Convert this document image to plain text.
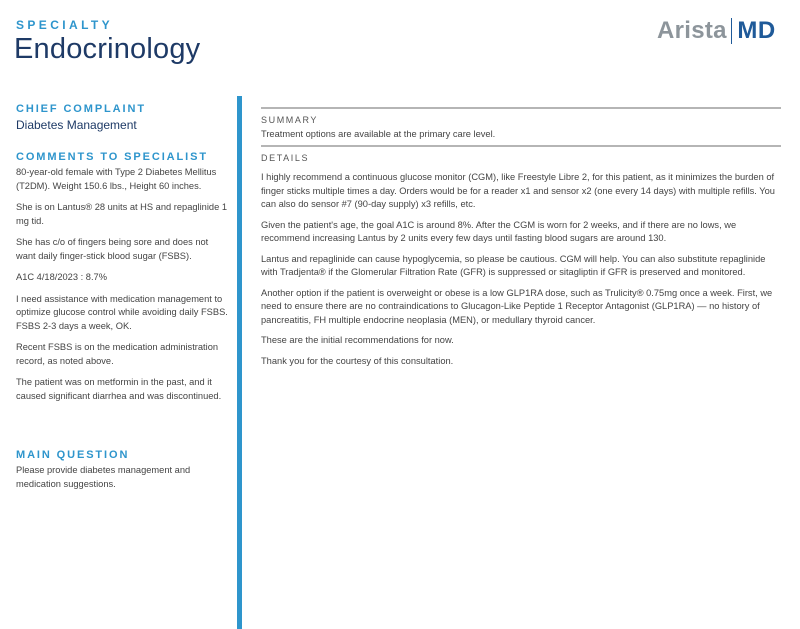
SPECIALTY
Endocrinology
Arista MD
CHIEF COMPLAINT
Diabetes Management
COMMENTS TO SPECIALIST

80-year-old female with Type 2 Diabetes Mellitus (T2DM). Weight 150.6 lbs., Height 60 inches.

She is on Lantus® 28 units at HS and repaglinide 1 mg tid.

She has c/o of fingers being sore and does not want daily finger-stick blood sugar (FSBS).

A1C 4/18/2023 : 8.7%

I need assistance with medication management to optimize glucose control while avoiding daily FSBS. FSBS 2-3 days a week, OK.

Recent FSBS is on the medication administration record, as noted above.

The patient was on metformin in the past, and it caused significant diarrhea and was discontinued.

MAIN QUESTION

Please provide diabetes management and medication suggestions.

SUMMARY

Treatment options are available at the primary care level.

DETAILS

I highly recommend a continuous glucose monitor (CGM), like Freestyle Libre 2, for this patient, as it minimizes the burden of finger sticks multiple times a day. Orders would be for a reader x1 and sensor x2 (one every 14 days) with multiple refills. You can also do sensor #7 (90-day supply) x3 refills, etc.

Given the patient's age, the goal A1C is around 8%. After the CGM is worn for 2 weeks, and if there are no lows, we recommend increasing Lantus by 2 units every few days until fasting blood sugars are around 130.

Lantus and repaglinide can cause hypoglycemia, so please be cautious. CGM will help. You can also substitute repaglinide with Tradjenta® if the Glomerular Filtration Rate (GFR) is suppressed or sitagliptin if GFR is preserved and monitored.

Another option if the patient is overweight or obese is a low GLP1RA dose, such as Trulicity® 0.75mg once a week. First, we need to ensure there are no contraindications to Glucagon-Like Peptide 1 Receptor Antagonist (GLP1RA) — no history of pancreatitis, FH multiple endocrine neoplasia (MEN), or medullary thyroid cancer.

These are the initial recommendations for now.

Thank you for the courtesy of this consultation.
